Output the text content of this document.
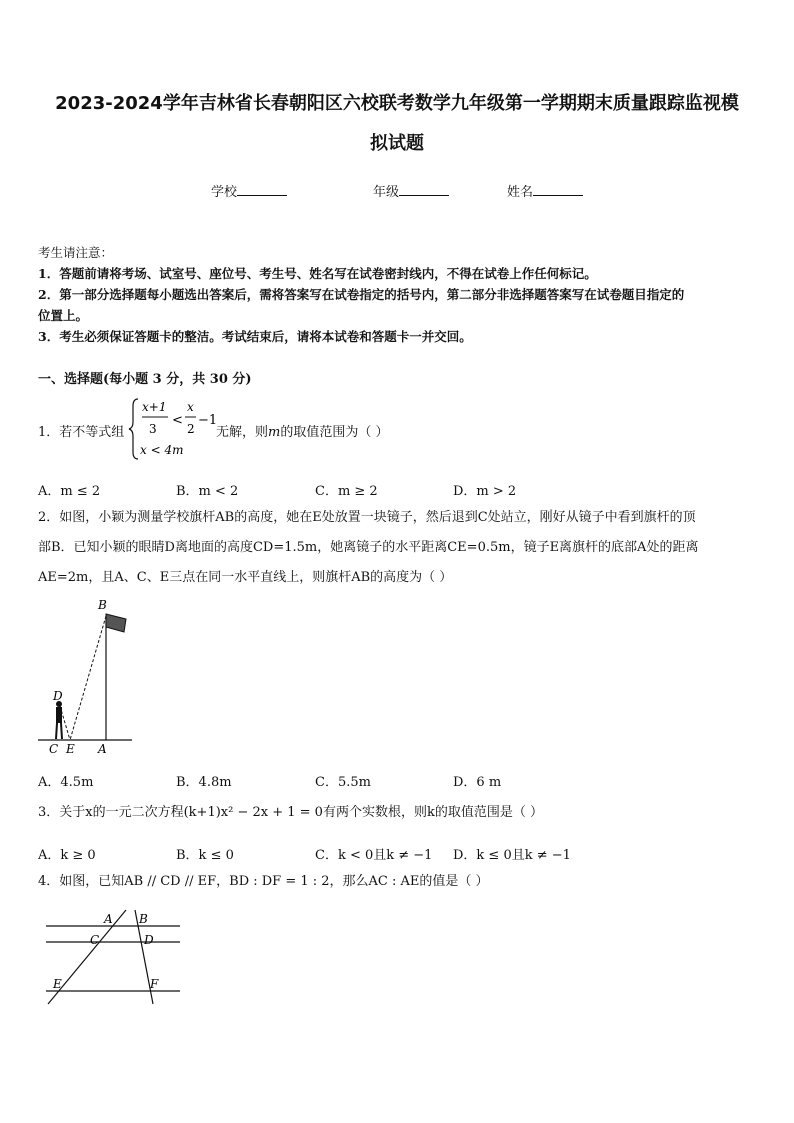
2023-2024学年吉林省长春朝阳区六校联考数学九年级第一学期期末质量跟踪监视模
拟试题
学校	年级	姓名
考生请注意：
1．答题前请将考场、试室号、座位号、考生号、姓名写在试卷密封线内，不得在试卷上作任何标记。
2．第一部分选择题每小题选出答案后，需将答案写在试卷指定的括号内，第二部分非选择题答案写在试卷题目指定的
位置上。
3．考生必须保证答题卡的整洁。考试结束后，请将本试卷和答题卡一并交回。
一、选择题(每小题 3 分，共 30 分)
1．若不等式组
x+1
3
<
x
2
−1
x < 4m
无解，则m的取值范围为（ ）
A．m ≤ 2	B．m < 2	C．m ≥ 2	D．m > 2
2．如图，小颖为测量学校旗杆AB的高度，她在E处放置一块镜子，然后退到C处站立，刚好从镜子中看到旗杆的顶
部B．已知小颖的眼睛D离地面的高度CD=1.5m，她离镜子的水平距离CE=0.5m，镜子E离旗杆的底部A处的距离
AE=2m，且A、C、E三点在同一水平直线上，则旗杆AB的高度为（ ）
B
D
C E A
A．4.5m	B．4.8m	C．5.5m	D．6 m
3．关于x的一元二次方程(k+1)x² − 2x + 1 = 0有两个实数根，则k的取值范围是（ ）
A．k ≥ 0	B．k ≤ 0	C．k < 0且k ≠ −1 D．k ≤ 0且k ≠ −1
4．如图，已知AB // CD // EF，BD : DF = 1 : 2，那么AC : AE的值是（ ）
A B
C	D
E	F
